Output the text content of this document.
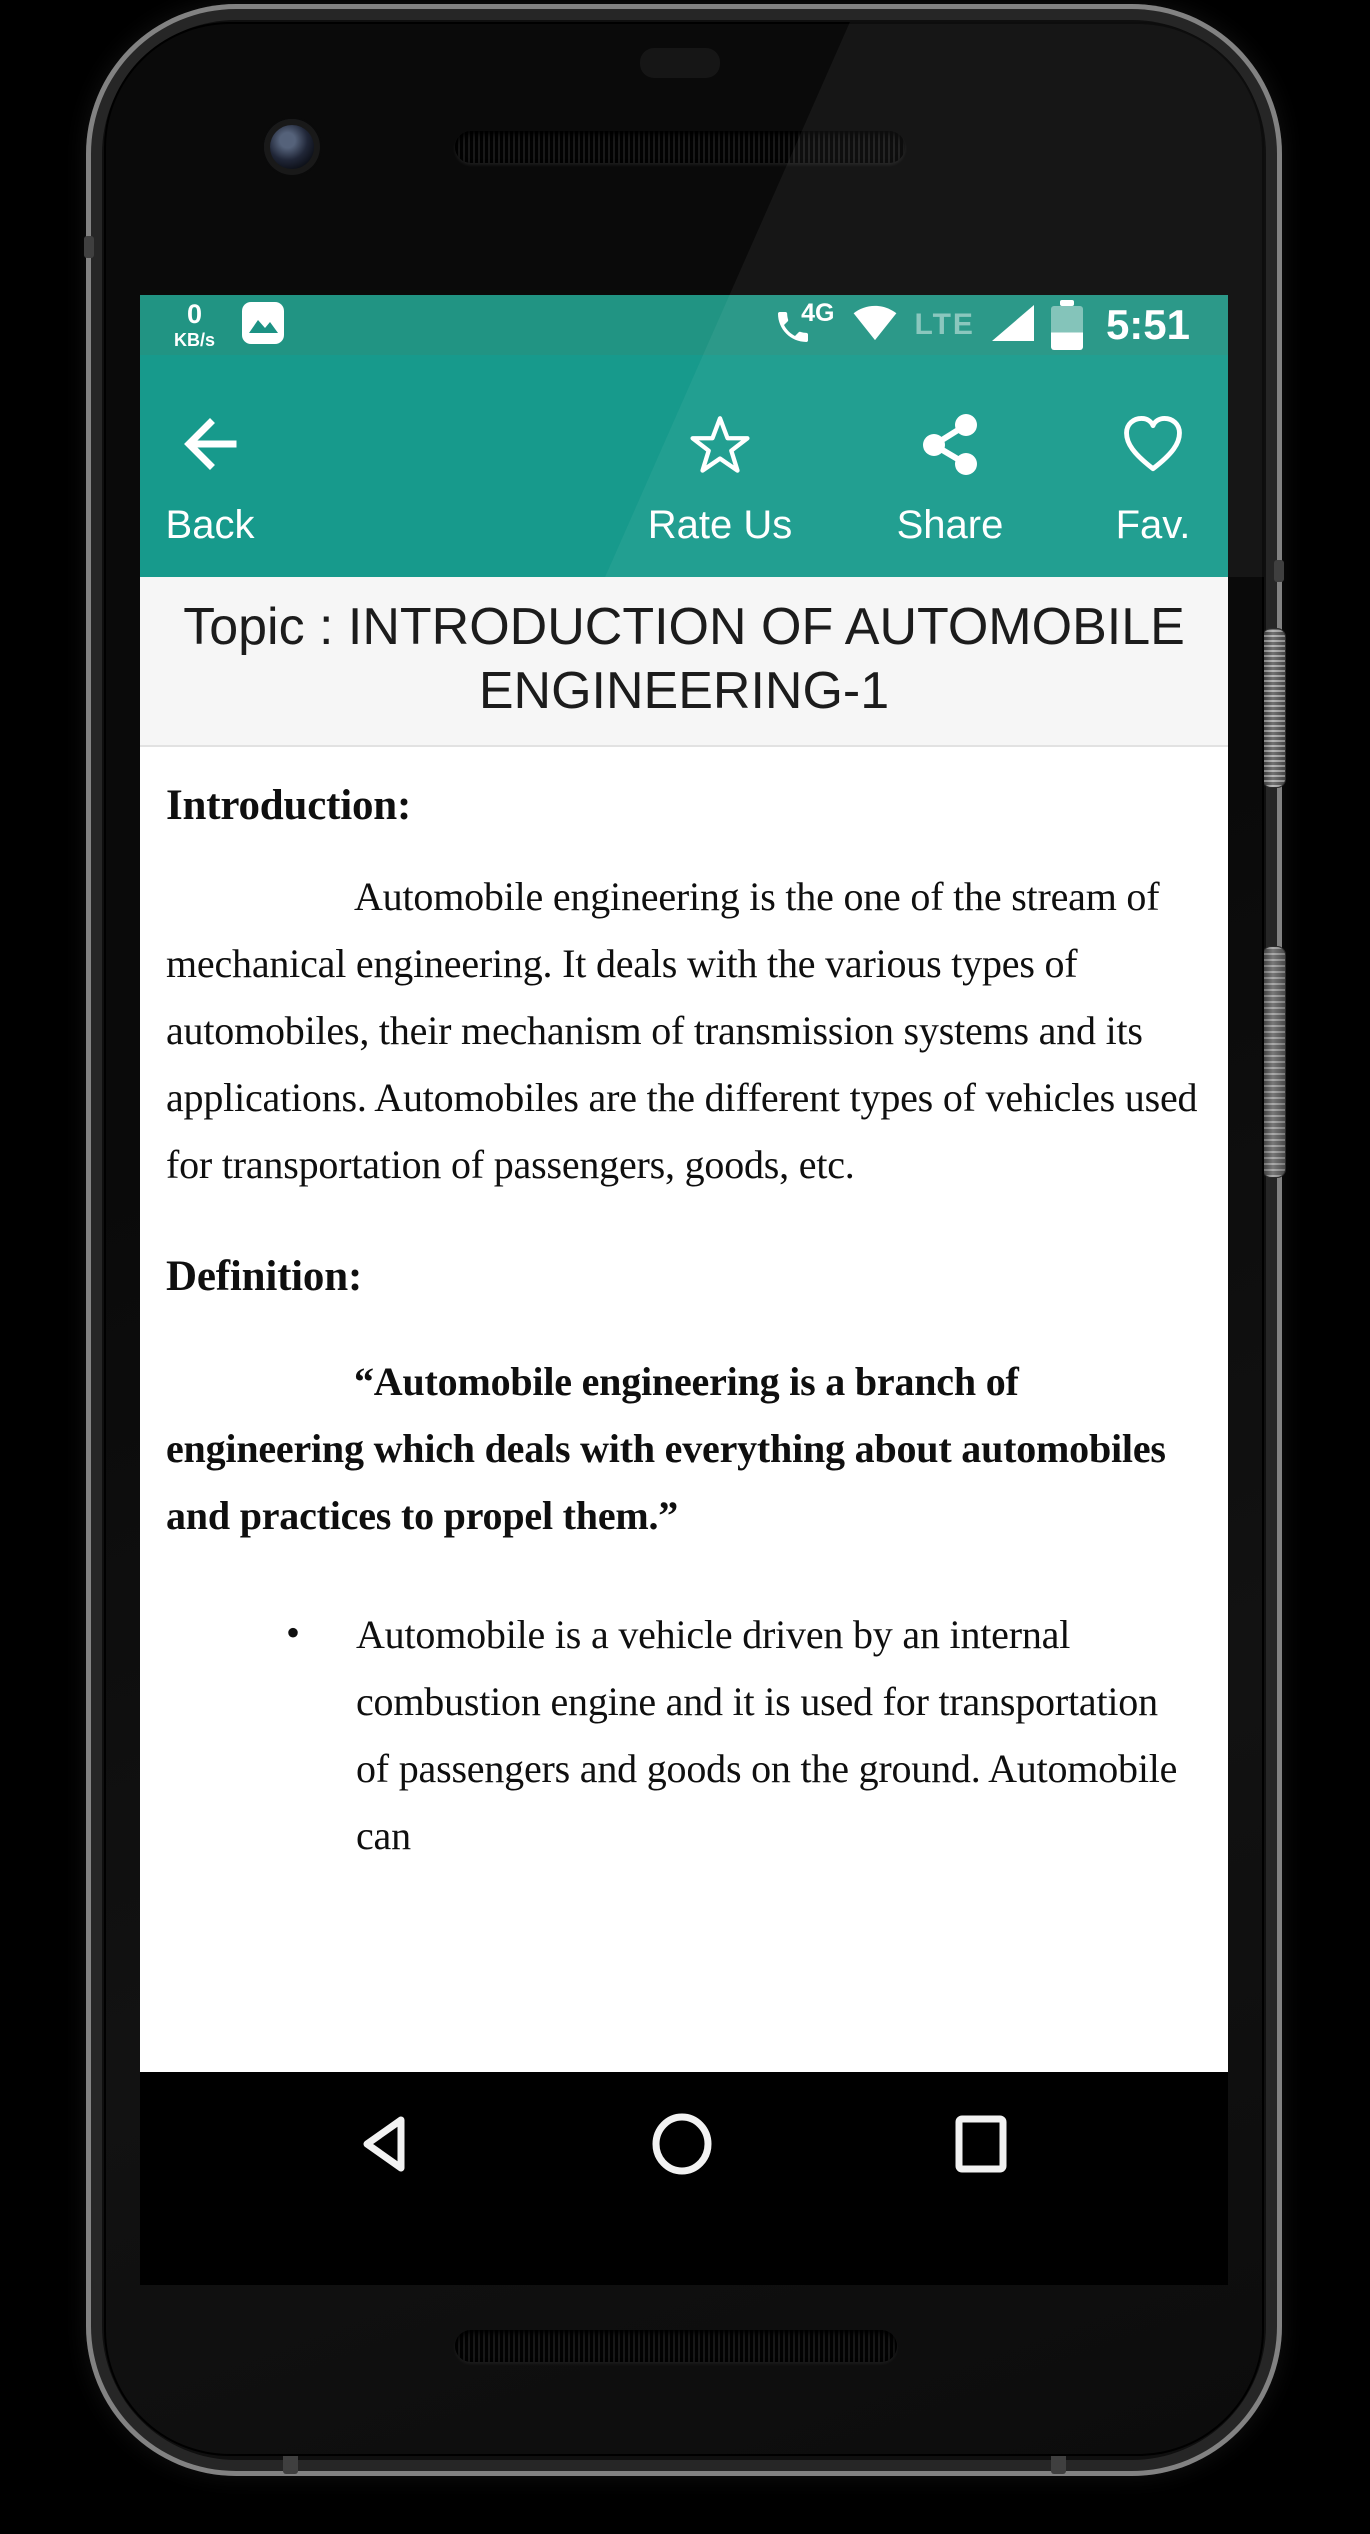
0
KB/s
4G	LTE	5:51
Back	Rate Us	Share	Fav.
Topic : INTRODUCTION OF AUTOMOBILE ENGINEERING-1
Introduction:

Automobile engineering is the one of the stream of mechanical engineering. It deals with the various types of automobiles, their mechanism of transmission systems and its applications. Automobiles are the different types of vehicles used for transportation of passengers, goods, etc.

Definition:

“Automobile engineering is a branch of engineering which deals with everything about automobiles and practices to propel them.”

• Automobile is a vehicle driven by an internal combustion engine and it is used for transportation of passengers and goods on the ground. Automobile can
